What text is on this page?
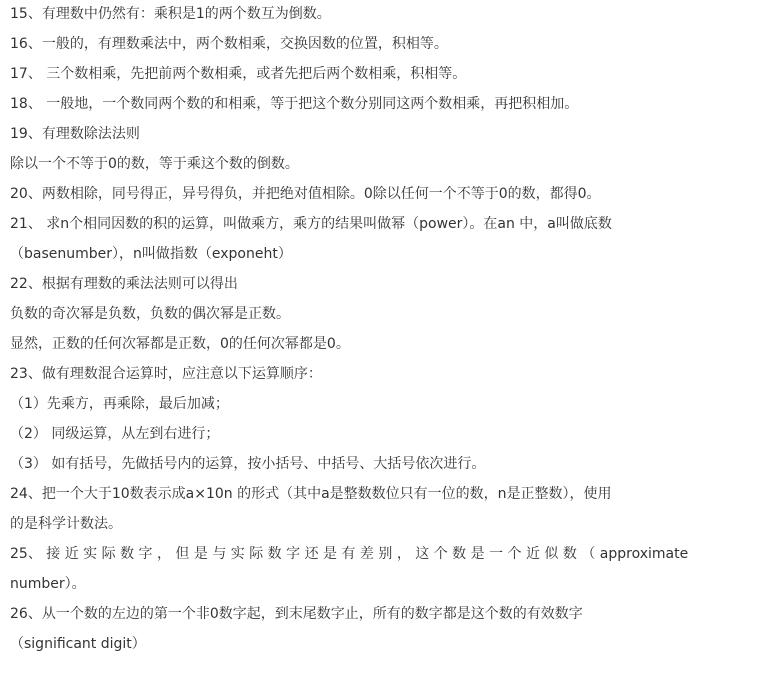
15、有理数中仍然有：乘积是1的两个数互为倒数。
16、一般的，有理数乘法中，两个数相乘，交换因数的位置，积相等。
17、 三个数相乘，先把前两个数相乘，或者先把后两个数相乘，积相等。
18、 一般地，一个数同两个数的和相乘，等于把这个数分别同这两个数相乘，再把积相加。
19、有理数除法法则
除以一个不等于0的数，等于乘这个数的倒数。
20、两数相除，同号得正，异号得负，并把绝对值相除。0除以任何一个不等于0的数，都得0。
21、 求n个相同因数的积的运算，叫做乘方，乘方的结果叫做幂（power）。在an 中，a叫做底数
（basenumber），n叫做指数（exponeht）
22、根据有理数的乘法法则可以得出
负数的奇次幂是负数，负数的偶次幂是正数。
显然，正数的任何次幂都是正数，0的任何次幂都是0。
23、做有理数混合运算时，应注意以下运算顺序：
（1）先乘方，再乘除，最后加减；
（2） 同级运算，从左到右进行；
（3） 如有括号，先做括号内的运算，按小括号、中括号、大括号依次进行。
24、把一个大于10数表示成a×10n 的形式（其中a是整数数位只有一位的数，n是正整数），使用
的是科学计数法。
25、 接 近 实 际 数 字 ， 但 是 与 实 际 数 字 还 是 有 差 别 ， 这 个 数 是 一 个 近 似 数 （ approximate
number）。
26、从一个数的左边的第一个非0数字起，到末尾数字止，所有的数字都是这个数的有效数字
（significant digit）
